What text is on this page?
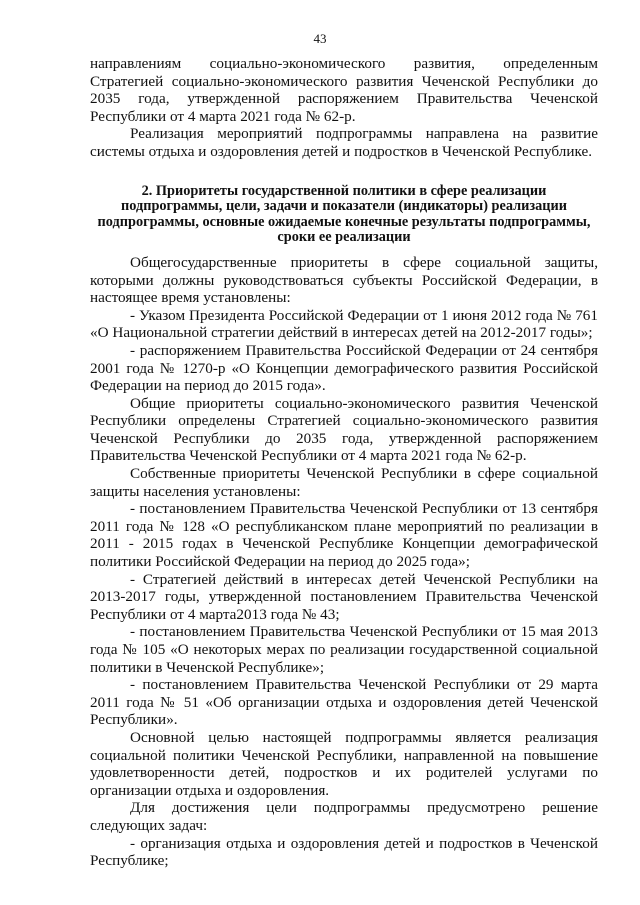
43

направлениям социально-экономического развития, определенным Стратегией социально-экономического развития Чеченской Республики до 2035 года, утвержденной распоряжением Правительства Чеченской Республики от 4 марта 2021 года № 62-р.

Реализация мероприятий подпрограммы направлена на развитие системы отдыха и оздоровления детей и подростков в Чеченской Республике.

2. Приоритеты государственной политики в сфере реализации подпрограммы, цели, задачи и показатели (индикаторы) реализации подпрограммы, основные ожидаемые конечные результаты подпрограммы, сроки ее реализации

Общегосударственные приоритеты в сфере социальной защиты, которыми должны руководствоваться субъекты Российской Федерации, в настоящее время установлены:

- Указом Президента Российской Федерации от 1 июня 2012 года № 761 «О Национальной стратегии действий в интересах детей на 2012-2017 годы»;

- распоряжением Правительства Российской Федерации от 24 сентября 2001 года № 1270-р «О Концепции демографического развития Российской Федерации на период до 2015 года».

Общие приоритеты социально-экономического развития Чеченской Республики определены Стратегией социально-экономического развития Чеченской Республики до 2035 года, утвержденной распоряжением Правительства Чеченской Республики от 4 марта 2021 года № 62-р.

Собственные приоритеты Чеченской Республики в сфере социальной защиты населения установлены:

- постановлением Правительства Чеченской Республики от 13 сентября 2011 года № 128 «О республиканском плане мероприятий по реализации в 2011 - 2015 годах в Чеченской Республике Концепции демографической политики Российской Федерации на период до 2025 года»;

- Стратегией действий в интересах детей Чеченской Республики на 2013-2017 годы, утвержденной постановлением Правительства Чеченской Республики от 4 марта2013 года № 43;

- постановлением Правительства Чеченской Республики от 15 мая 2013 года № 105 «О некоторых мерах по реализации государственной социальной политики в Чеченской Республике»;

- постановлением Правительства Чеченской Республики от 29 марта 2011 года № 51 «Об организации отдыха и оздоровления детей Чеченской Республики».

Основной целью настоящей подпрограммы является реализация социальной политики Чеченской Республики, направленной на повышение удовлетворенности детей, подростков и их родителей услугами по организации отдыха и оздоровления.

Для достижения цели подпрограммы предусмотрено решение следующих задач:

- организация отдыха и оздоровления детей и подростков в Чеченской Республике;
